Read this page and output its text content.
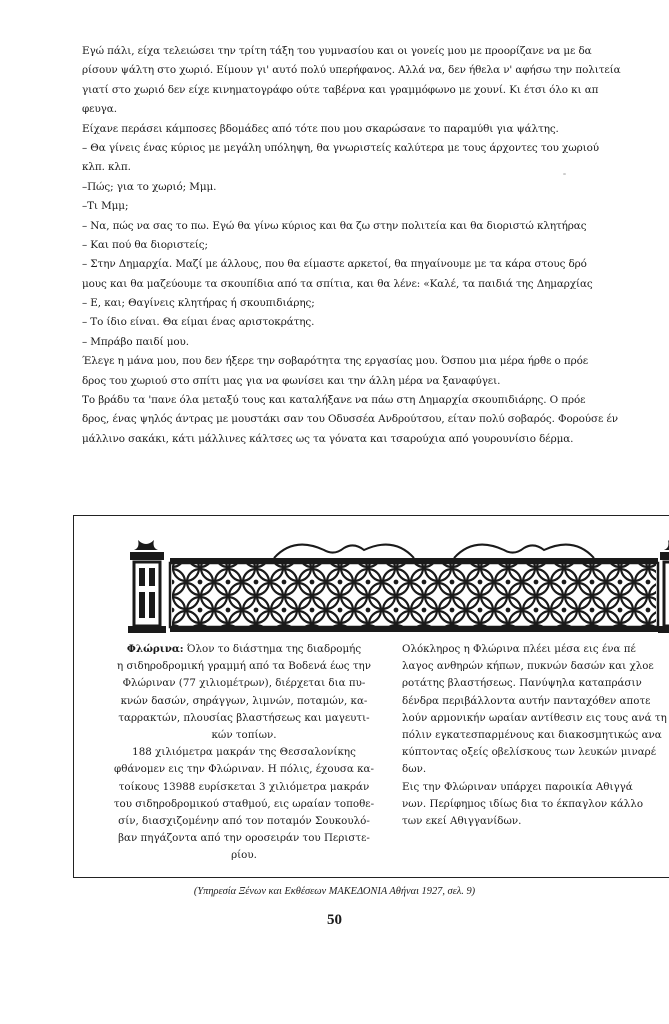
Εγώ πάλι, είχα τελειώσει την τρίτη τάξη του γυμνασίου και οι γονείς μου με προορίζανε να με δα
ρίσουν ψάλτη στο χωριό. Είμουν γι' αυτό πολύ υπερήφανος. Αλλά να, δεν ήθελα ν' αφήσω την πολιτεία
γιατί στο χωριό δεν είχε κινηματογράφο ούτε ταβέρνα και γραμμόφωνο με χουνί. Κι έτσι όλο κι απ
φευγα.
Είχανε περάσει κάμποσες βδομάδες από τότε που μου σκαρώσανε το παραμύθι για ψάλτης.
– Θα γίνεις ένας κύριος με μεγάλη υπόληψη, θα γνωριστείς καλύτερα με τους άρχοντες του χωριού
κλπ. κλπ.
–Πώς; για το χωριό; Μμμ.
–Τι Μμμ;
– Να, πώς να σας το πω. Εγώ θα γίνω κύριος και θα ζω στην πολιτεία και θα διοριστώ κλητήρας
– Και πού θα διοριστείς;
– Στην Δημαρχία. Μαζί με άλλους, που θα είμαστε αρκετοί, θα πηγαίνουμε με τα κάρα στους δρό
μους και θα μαζεύουμε τα σκουπίδια από τα σπίτια, και θα λένε: «Καλέ, τα παιδιά της Δημαρχίας
– Ε, και; Θαγίνεις κλητήρας ή σκουπιδιάρης;
– Το ίδιο είναι. Θα είμαι ένας αριστοκράτης.
– Μπράβο παιδί μου.
Έλεγε η μάνα μου, που δεν ήξερε την σοβαρότητα της εργασίας μου. Όσπου μια μέρα ήρθε ο πρόε
δρος του χωριού στο σπίτι μας για να φωνίσει και την άλλη μέρα να ξαναφύγει.
Το βράδυ τα 'πανε όλα μεταξύ τους και καταλήξανε να πάω στη Δημαρχία σκουπιδιάρης. Ο πρόε
δρος, ένας ψηλός άντρας με μουστάκι σαν του Οδυσσέα Ανδρούτσου, είταν πολύ σοβαρός. Φορούσε έν
μάλλινο σακάκι, κάτι μάλλινες κάλτσες ως τα γόνατα και τσαρούχια από γουρουνίσιο δέρμα.
Φλώρινα: Όλον το διάστημα της διαδρομής
η σιδηροδρομική γραμμή από τα Βοδενά έως την
Φλώριναν (77 χιλιομέτρων), διέρχεται δια πυ-
κνών δασών, σηράγγων, λιμνών, ποταμών, κα-
ταρρακτών, πλουσίας βλαστήσεως και μαγευτι-
κών τοπίων.
188 χιλιόμετρα μακράν της Θεσσαλονίκης
φθάνομεν εις την Φλώριναν. Η πόλις, έχουσα κα-
τοίκους 13988 ευρίσκεται 3 χιλιόμετρα μακράν
του σιδηροδρομικού σταθμού, εις ωραίαν τοποθε-
σίν, διασχιζομένην από τον ποταμόν Σουκουλό-
βαν πηγάζοντα από την οροσειράν του Περιστε-
ρίου.
Ολόκληρος η Φλώρινα πλέει μέσα εις ένα πέ
λαγος ανθηρών κήπων, πυκνών δασών και χλοε
ροτάτης βλαστήσεως. Πανύψηλα καταπράσιν
δένδρα περιβάλλοντα αυτήν πανταχόθεν αποτε
λούν αρμονικήν ωραίαν αντίθεσιν εις τους ανά τη
πόλιν εγκατεσπαρμένους και διακοσμητικώς ανα
κύπτοντας οξείς οβελίσκους των λευκών μιναρέ
δων.
Εις την Φλώριναν υπάρχει παροικία Αθιγγά
νων. Περίφημος ιδίως δια το έκπαγλον κάλλο
των εκεί Αθιγγανίδων.
(Υπηρεσία Ξένων και Εκθέσεων ΜΑΚΕΔΟΝΙΑ Αθήναι 1927, σελ. 9)
50
